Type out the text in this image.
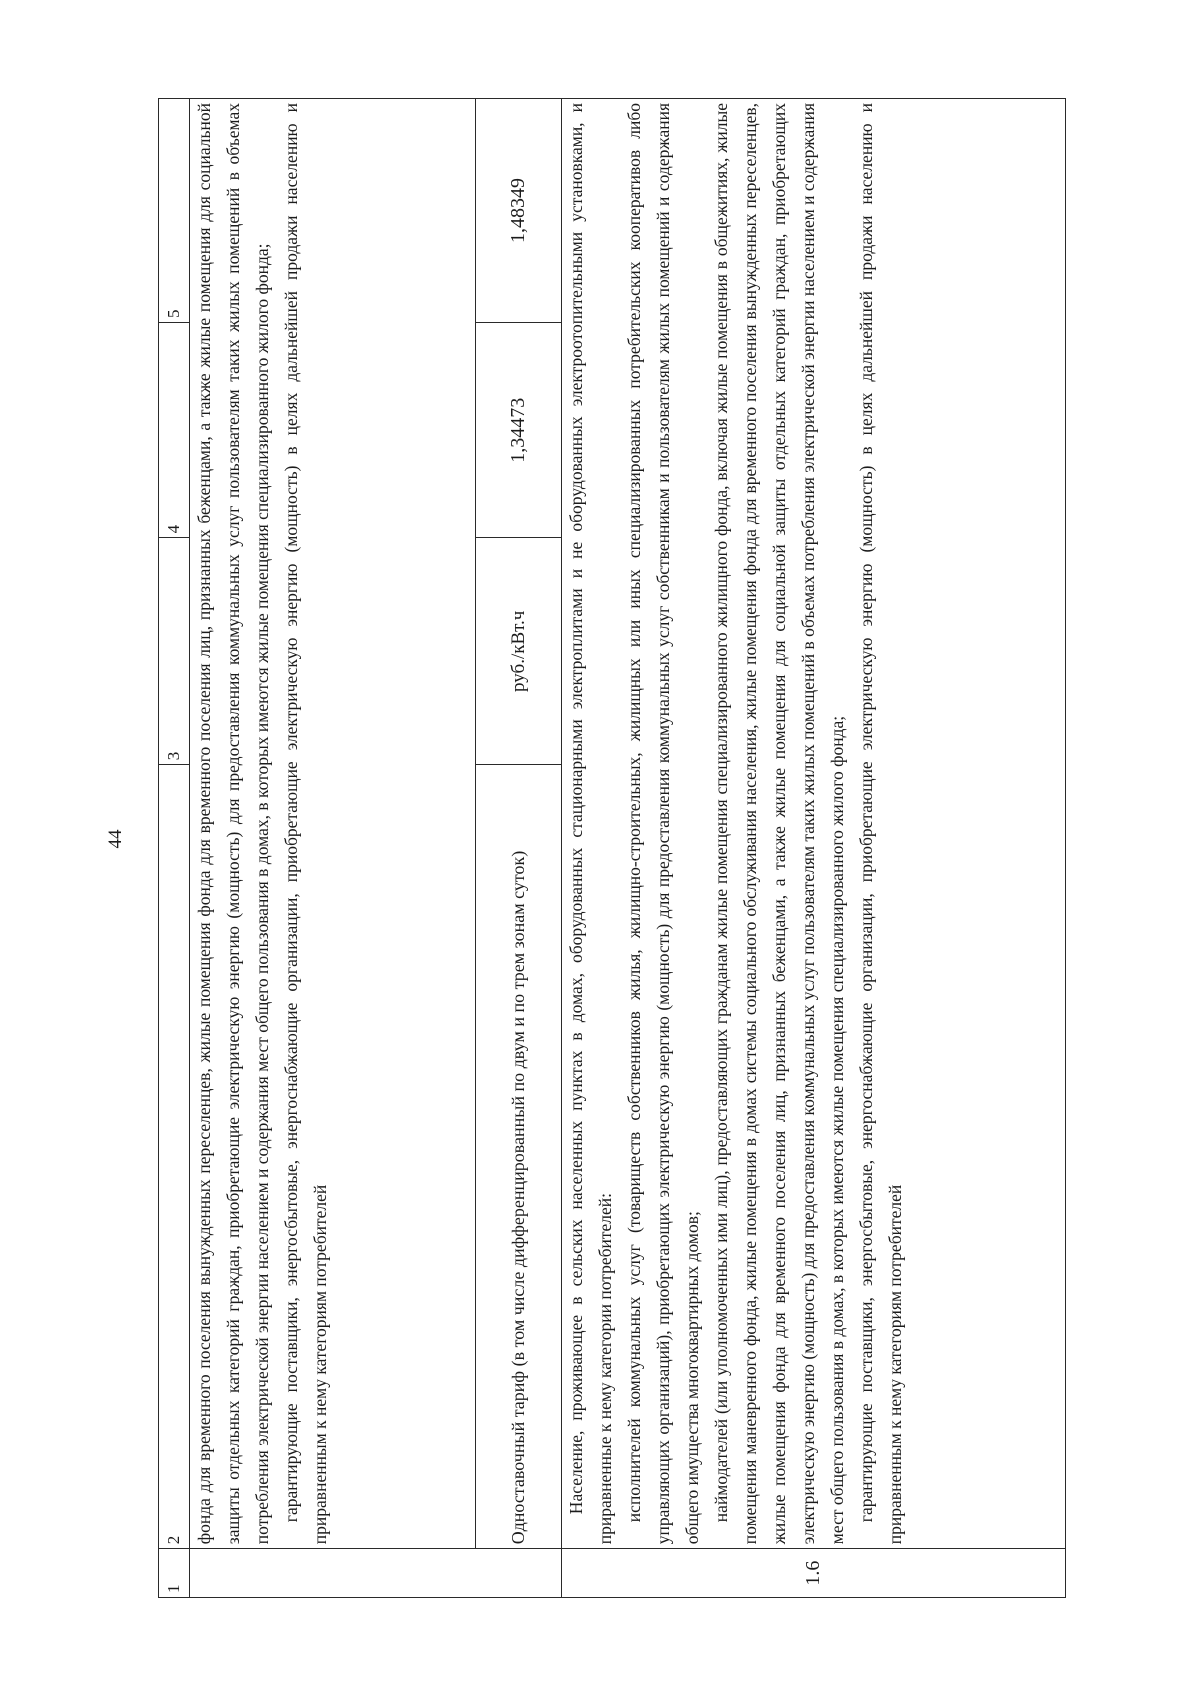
44
1	2	3	4	5

	фонда для временного поселения вынужденных переселенцев, жилые помещения фонда для временного поселения лиц, признанных беженцами, а также жилые помещения для социальной защиты отдельных категорий граждан, приобретающие электрическую энергию (мощность) для предоставления коммунальных услуг пользователям таких жилых помещений в объемах потребления электрической энергии населением и содержания мест общего пользования в домах, в которых имеются жилые помещения специализированного жилого фонда; гарантирующие поставщики, энергосбытовые, энергоснабжающие организации, приобретающие электрическую энергию (мощность) в целях дальнейшей продажи населению и приравненным к нему категориям потребителей			

	Одноставочный тариф (в том числе дифференцированный по двум и по трем зонам суток)	руб./кВт.ч	1,34473	1,48349
1.6	Население, проживающее в сельских населенных пунктах в домах, оборудованных стационарными электроплитами и не оборудованных электроотопительными установками, и приравненные к нему категории потребителей: исполнителей коммунальных услуг (товариществ собственников жилья, жилищно-строительных, жилищных или иных специализированных потребительских кооперативов либо управляющих организаций), приобретающих электрическую энергию (мощность) для предоставления коммунальных услуг собственникам и пользователям жилых помещений и содержания общего имущества многоквартирных домов; наймодателей (или уполномоченных ими лиц), предоставляющих гражданам жилые помещения специализированного жилищного фонда, включая жилые помещения в общежитиях, жилые помещения маневренного фонда, жилые помещения в домах системы социального обслуживания населения, жилые помещения фонда для временного поселения вынужденных переселенцев, жилые помещения фонда для временного поселения лиц, признанных беженцами, а также жилые помещения для социальной защиты отдельных категорий граждан, приобретающих электрическую энергию (мощность) для предоставления коммунальных услуг пользователям таких жилых помещений в объемах потребления электрической энергии населением и содержания мест общего пользования в домах, в которых имеются жилые помещения специализированного жилого фонда; гарантирующие поставщики, энергосбытовые, энергоснабжающие организации, приобретающие электрическую энергию (мощность) в целях дальнейшей продажи населению и приравненным к нему категориям потребителей			
